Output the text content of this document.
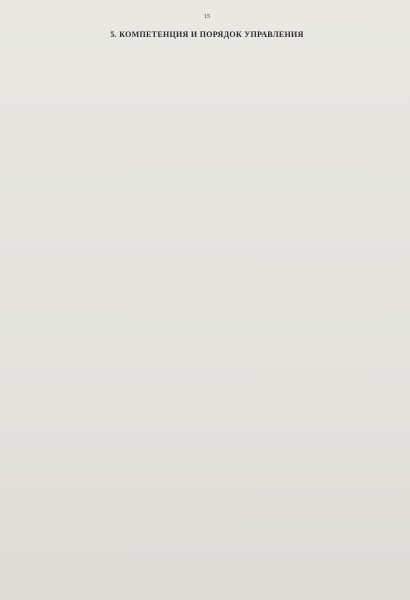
15

5. КОМПЕТЕНЦИЯ И ПОРЯДОК УПРАВЛЕНИЯ
